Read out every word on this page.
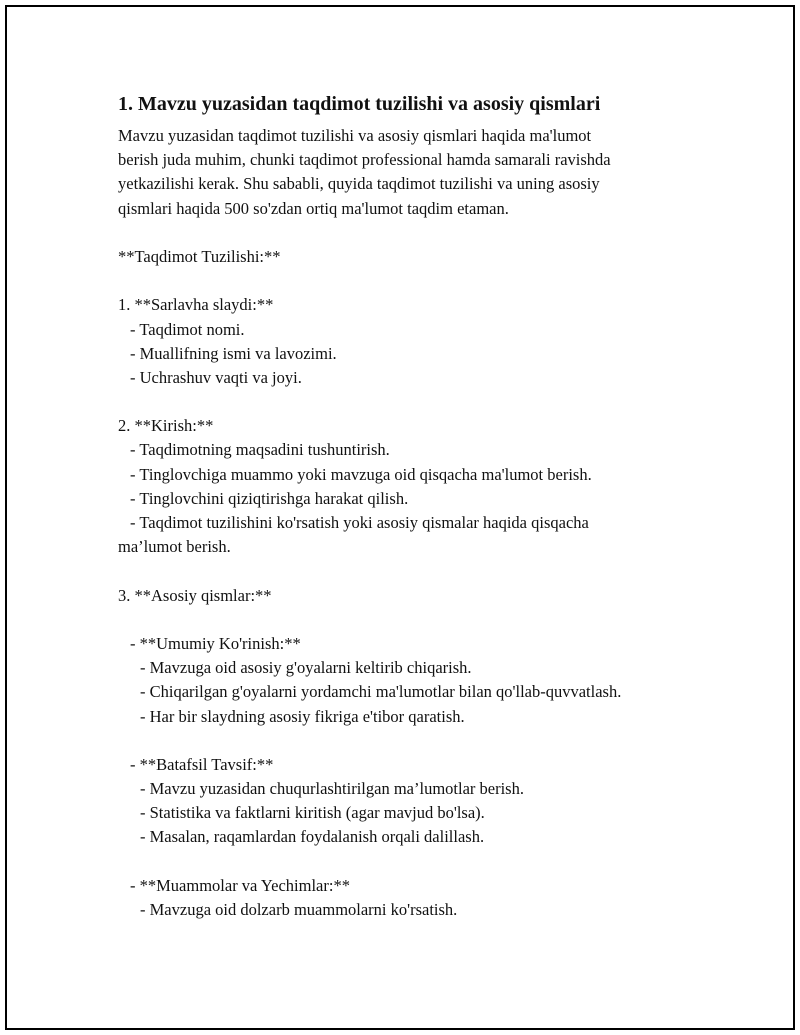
1. Mavzu yuzasidan taqdimot tuzilishi va asosiy qismlari
Mavzu yuzasidan taqdimot tuzilishi va asosiy qismlari haqida ma'lumot
berish juda muhim, chunki taqdimot professional hamda samarali ravishda
yetkazilishi kerak. Shu sababli, quyida taqdimot tuzilishi va uning asosiy
qismlari haqida 500 so'zdan ortiq ma'lumot taqdim etaman.
**Taqdimot Tuzilishi:**
1. **Sarlavha slaydi:**
- Taqdimot nomi.
- Muallifning ismi va lavozimi.
- Uchrashuv vaqti va joyi.
2. **Kirish:**
- Taqdimotning maqsadini tushuntirish.
- Tinglovchiga muammo yoki mavzuga oid qisqacha ma'lumot berish.
- Tinglovchini qiziqtirishga harakat qilish.
- Taqdimot tuzilishini ko'rsatish yoki asosiy qismalar haqida qisqacha
ma’lumot berish.
3. **Asosiy qismlar:**
- **Umumiy Ko'rinish:**
- Mavzuga oid asosiy g'oyalarni keltirib chiqarish.
- Chiqarilgan g'oyalarni yordamchi ma'lumotlar bilan qo'llab-quvvatlash.
- Har bir slaydning asosiy fikriga e'tibor qaratish.
- **Batafsil Tavsif:**
- Mavzu yuzasidan chuqurlashtirilgan ma’lumotlar berish.
- Statistika va faktlarni kiritish (agar mavjud bo'lsa).
- Masalan, raqamlardan foydalanish orqali dalillash.
- **Muammolar va Yechimlar:**
- Mavzuga oid dolzarb muammolarni ko'rsatish.
